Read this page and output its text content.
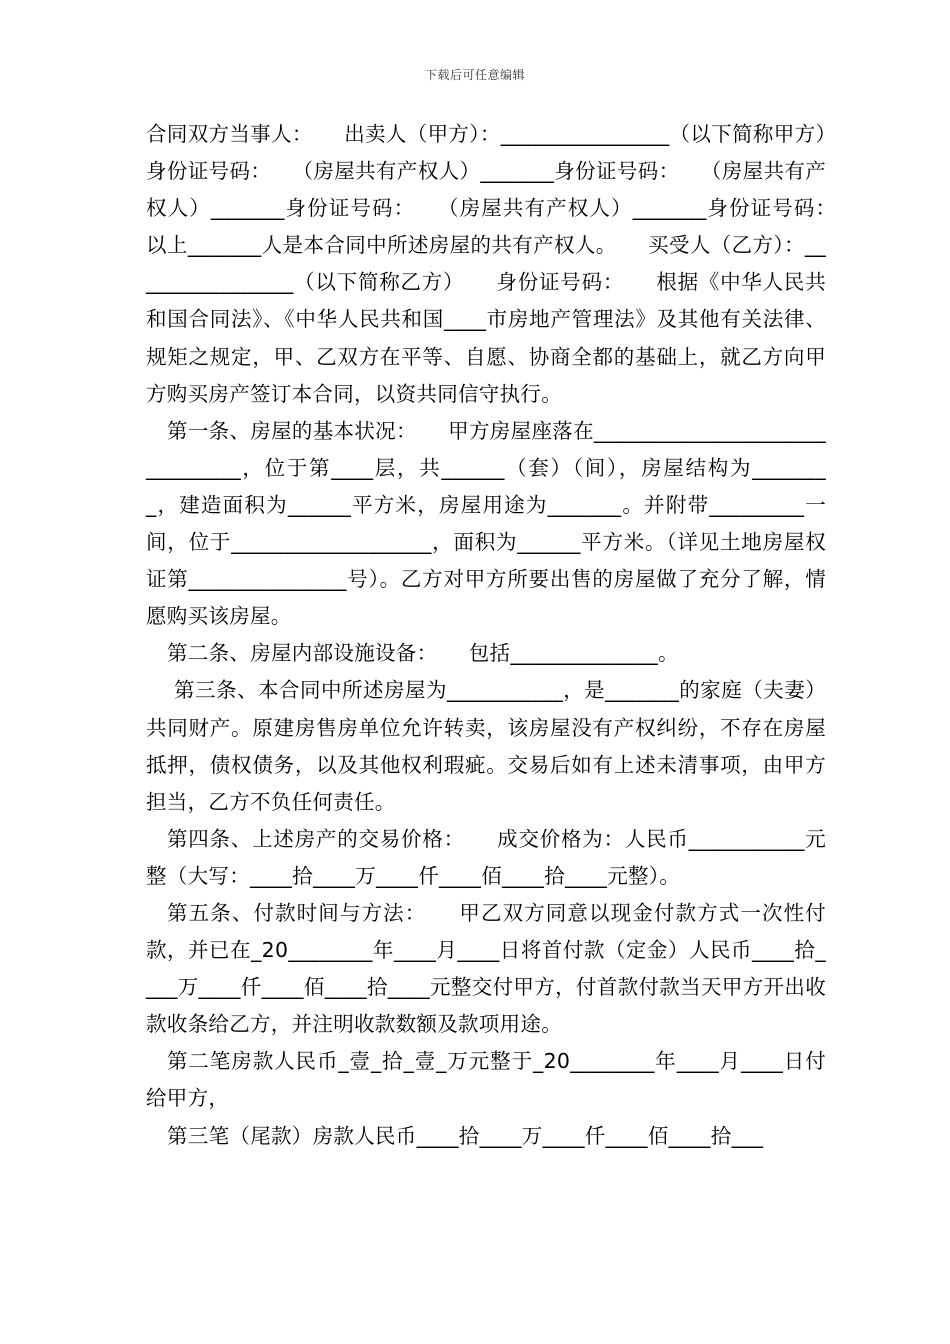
下载后可任意编辑

合同双方当事人：　　出卖人（甲方）：________________（以下简称甲方）　　身份证号码：　　（房屋共有产权人）_______身份证号码：　　（房屋共有产权人）_______身份证号码：　　（房屋共有产权人）_______身份证号码：　　以上_______人是本合同中所述房屋的共有产权人。　　买受人（乙方）：________________（以下简称乙方）　　身份证号码：　　根据《中华人民共和国合同法》、《中华人民共和国____市房地产管理法》及其他有关法律、规矩之规定，甲、乙双方在平等、自愿、协商全都的基础上，就乙方向甲方购买房产签订本合同，以资共同信守执行。

第一条、房屋的基本状况：　　甲方房屋座落在_______________________________，位于第____层，共______（套）（间），房屋结构为________，建造面积为______平方米，房屋用途为_______。并附带_________一间，位于___________________，面积为______平方米。（详见土地房屋权证第_______________号）。乙方对甲方所要出售的房屋做了充分了解，情愿购买该房屋。

第二条、房屋内部设施设备：　　包括______________。

第三条、本合同中所述房屋为___________，是_______的家庭（夫妻）共同财产。原建房售房单位允许转卖，该房屋没有产权纠纷，不存在房屋抵押，债权债务，以及其他权利瑕疵。交易后如有上述未清事项，由甲方担当，乙方不负任何责任。

第四条、上述房产的交易价格：　　成交价格为：人民币___________元整（大写：____拾____万____仟____佰____拾____元整）。

第五条、付款时间与方法：　　甲乙双方同意以现金付款方式一次性付款，并已在_20________年____月____日将首付款（定金）人民币____拾____万____仟____佰____拾____元整交付甲方，付首款付款当天甲方开出收款收条给乙方，并注明收款数额及款项用途。

第二笔房款人民币_壹_拾_壹_万元整于_20________年____月____日付给甲方，

第三笔（尾款）房款人民币____拾____万____仟____佰____拾___
